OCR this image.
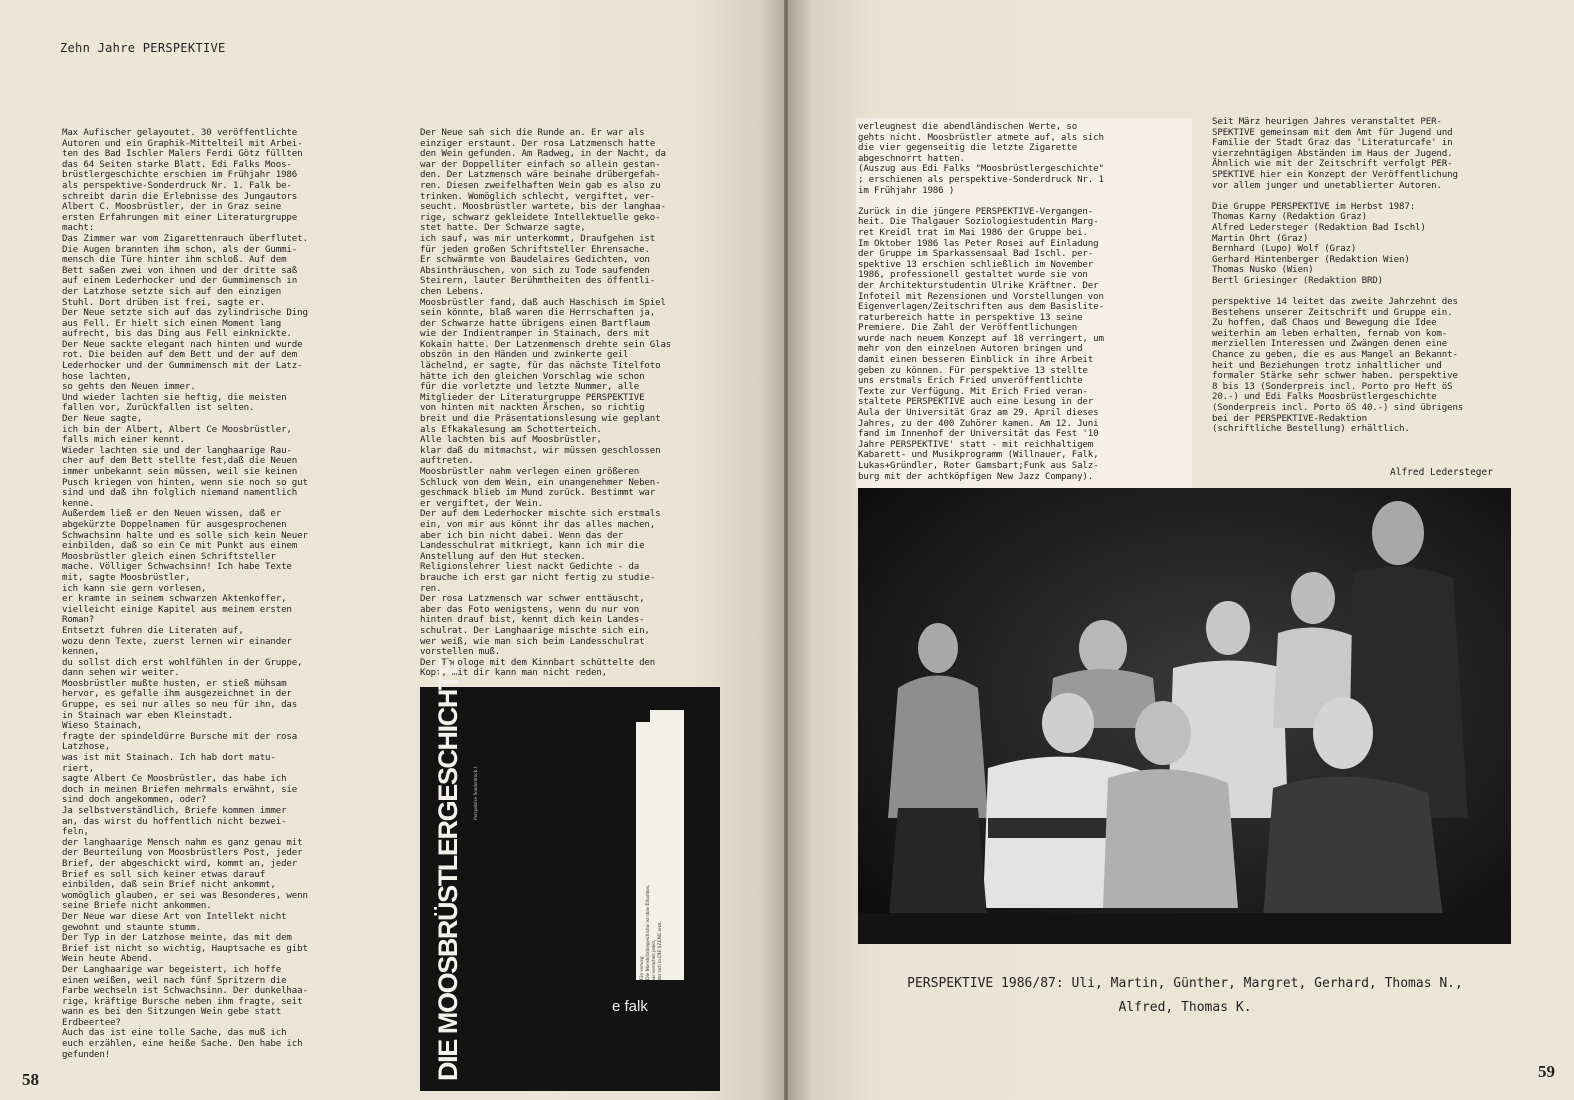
Zehn Jahre PERSPEKTIVE
Max Aufischer gelayoutet. 30 veröffentlichte
Autoren und ein Graphik-Mittelteil mit Arbei-
ten des Bad Ischler Malers Ferdi Götz füllten
das 64 Seiten starke Blatt. Edi Falks Moos-
brüstlergeschichte erschien im Frühjahr 1986
als perspektive-Sonderdruck Nr. 1. Falk be-
schreibt darin die Erlebnisse des Jungautors
Albert C. Moosbrüstler, der in Graz seine
ersten Erfahrungen mit einer Literaturgruppe
macht:
Das Zimmer war vom Zigarettenrauch überflutet.
Die Augen brannten ihm schon, als der Gummi-
mensch die Türe hinter ihm schloß. Auf dem
Bett saßen zwei von ihnen und der dritte saß
auf einem Lederhocker und der Gummimensch in
der Latzhose setzte sich auf den einzigen
Stuhl. Dort drüben ist frei, sagte er.
Der Neue setzte sich auf das zylindrische Ding
aus Fell. Er hielt sich einen Moment lang
aufrecht, bis das Ding aus Fell einknickte.
Der Neue sackte elegant nach hinten und wurde
rot. Die beiden auf dem Bett und der auf dem
Lederhocker und der Gummimensch mit der Latz-
hose lachten,
so gehts den Neuen immer.
Und wieder lachten sie heftig, die meisten
fallen vor, Zurückfallen ist selten.
Der Neue sagte,
ich bin der Albert, Albert Ce Moosbrüstler,
falls mich einer kennt.
Wieder lachten sie und der langhaarige Rau-
cher auf dem Bett stellte fest,daß die Neuen
immer unbekannt sein müssen, weil sie keinen
Pusch kriegen von hinten, wenn sie noch so gut
sind und daß ihn folglich niemand namentlich
kenne.
Außerdem ließ er den Neuen wissen, daß er
abgekürzte Doppelnamen für ausgesprochenen
Schwachsinn halte und es solle sich kein Neuer
einbilden, daß so ein Ce mit Punkt aus einem
Moosbrüstler gleich einen Schriftsteller
mache. Völliger Schwachsinn! Ich habe Texte
mit, sagte Moosbrüstler,
ich kann sie gern vorlesen,
er kramte in seinem schwarzen Aktenkoffer,
vielleicht einige Kapitel aus meinem ersten
Roman?
Entsetzt fuhren die Literaten auf,
wozu denn Texte, zuerst lernen wir einander
kennen,
du sollst dich erst wohlfühlen in der Gruppe,
dann sehen wir weiter.
Moosbrüstler mußte husten, er stieß mühsam
hervor, es gefalle ihm ausgezeichnet in der
Gruppe, es sei nur alles so neu für ihn, das
in Stainach war eben Kleinstadt.
Wieso Stainach,
fragte der spindeldürre Bursche mit der rosa
Latzhose,
was ist mit Stainach. Ich hab dort matu-
riert,
sagte Albert Ce Moosbrüstler, das habe ich
doch in meinen Briefen mehrmals erwähnt, sie
sind doch angekommen, oder?
Ja selbstverständlich, Briefe kommen immer
an, das wirst du hoffentlich nicht bezwei-
feln,
der langhaarige Mensch nahm es ganz genau mit
der Beurteilung von Moosbrüstlers Post, jeder
Brief, der abgeschickt wird, kommt an, jeder
Brief es soll sich keiner etwas darauf
einbilden, daß sein Brief nicht ankommt,
womöglich glauben, er sei was Besonderes, wenn
seine Briefe nicht ankommen.
Der Neue war diese Art von Intellekt nicht
gewohnt und staunte stumm.
Der Typ in der Latzhose meinte, das mit dem
Brief ist nicht so wichtig, Hauptsache es gibt
Wein heute Abend.
Der Langhaarige war begeistert, ich hoffe
einen weißen, weil nach fünf Spritzern die
Farbe wechseln ist Schwachsinn. Der dunkelhaa-
rige, kräftige Bursche neben ihm fragte, seit
wann es bei den Sitzungen Wein gebe statt
Erdbeertee?
Auch das ist eine tolle Sache, das muß ich
euch erzählen, eine heiße Sache. Den habe ich
gefunden!
Der Neue sah sich die Runde an. Er war als
einziger erstaunt. Der rosa Latzmensch hatte
den Wein gefunden. Am Radweg, in der Nacht, da
war der Doppelliter einfach so allein gestan-
den. Der Latzmensch wäre beinahe drübergefah-
ren. Diesen zweifelhaften Wein gab es also zu
trinken. Womöglich schlecht, vergiftet, ver-
seucht. Moosbrüstler wartete, bis der langhaa-
rige, schwarz gekleidete Intellektuelle geko-
stet hatte. Der Schwarze sagte,
ich sauf, was mir unterkommt, Draufgehen ist
für jeden großen Schriftsteller Ehrensache.
Er schwärmte von Baudelaires Gedichten, von
Absinthräuschen, von sich zu Tode saufenden
Steirern, lauter Berühmtheiten des öffentli-
chen Lebens.
Moosbrüstler fand, daß auch Haschisch im Spiel
sein könnte, blaß waren die Herrschaften ja,
der Schwarze hatte übrigens einen Bartflaum
wie der Indientramper in Stainach, ders mit
Kokain hatte. Der Latzenmensch drehte sein Glas
obszön in den Händen und zwinkerte geil
lächelnd, er sagte, für das nächste Titelfoto
hätte ich den gleichen Vorschlag wie schon
für die vorletzte und letzte Nummer, alle
Mitglieder der Literaturgruppe PERSPEKTIVE
von hinten mit nackten Ärschen, so richtig
breit und die Präsentationslesung wie geplant
als Efkakalesung am Schotterteich.
Alle lachten bis auf Moosbrüstler,
klar daß du mitmachst, wir müssen geschlossen
auftreten.
Moosbrüstler nahm verlegen einen größeren
Schluck von dem Wein, ein unangenehmer Neben-
geschmack blieb im Mund zurück. Bestimmt war
er vergiftet, der Wein.
Der auf dem Lederhocker mischte sich erstmals
ein, von mir aus könnt ihr das alles machen,
aber ich bin nicht dabei. Wenn das der
Landesschulrat mitkriegt, kann ich mir die
Anstellung auf den Hut stecken.
Religionslehrer liest nackt Gedichte - da
brauche ich erst gar nicht fertig zu studie-
ren.
Der rosa Latzmensch war schwer enttäuscht,
aber das Foto wenigstens, wenn du nur von
hinten drauf bist, kennt dich kein Landes-
schulrat. Der Langhaarige mischte sich ein,
wer weiß, wie man sich beim Landesschulrat
vorstellen muß.
Der Theologe mit dem Kinnbart schüttelte den
Kopf, mit dir kann man nicht reden,
DIE MOOSBRÜSTLERGESCHICHTE	Perspektive Sonderdruck 1
Ein vorweg:
Die Moosbrüstlergeschichte ist ohne Erbarmen,
sie vernichtet jeden,
der sich in DIE SZENE setzt.
e falk
58
verleugnest die abendländischen Werte, so
gehts nicht. Moosbrüstler atmete auf, als sich
die vier gegenseitig die letzte Zigarette
abgeschnorrt hatten.
(Auszug aus Edi Falks "Moosbrüstlergeschichte"
; erschienen als perspektive-Sonderdruck Nr. 1
im Frühjahr 1986 )

Zurück in die jüngere PERSPEKTIVE-Vergangen-
heit. Die Thalgauer Soziologiestudentin Marg-
ret Kreidl trat im Mai 1986 der Gruppe bei.
Im Oktober 1986 las Peter Rosei auf Einladung
der Gruppe im Sparkassensaal Bad Ischl. per-
spektive 13 erschien schließlich im November
1986, professionell gestaltet wurde sie von
der Architekturstudentin Ulrike Kräftner. Der
Infoteil mit Rezensionen und Vorstellungen von
Eigenverlagen/Zeitschriften aus dem Basislite-
raturbereich hatte in perspektive 13 seine
Premiere. Die Zahl der Veröffentlichungen
wurde nach neuem Konzept auf 18 verringert, um
mehr von den einzelnen Autoren bringen und
damit einen besseren Einblick in ihre Arbeit
geben zu können. Für perspektive 13 stellte
uns erstmals Erich Fried unveröffentlichte
Texte zur Verfügung. Mit Erich Fried veran-
staltete PERSPEKTIVE auch eine Lesung in der
Aula der Universität Graz am 29. April dieses
Jahres, zu der 400 Zuhörer kamen. Am 12. Juni
fand im Innenhof der Universität das Fest '10
Jahre PERSPEKTIVE' statt - mit reichhaltigem
Kabarett- und Musikprogramm (Willnauer, Falk,
Lukas+Gründler, Roter Gamsbart;Funk aus Salz-
burg mit der achtköpfigen New Jazz Company).
Seit März heurigen Jahres veranstaltet PER-
SPEKTIVE gemeinsam mit dem Amt für Jugend und
Familie der Stadt Graz das 'Literaturcafe' in
vierzehntägigen Abständen im Haus der Jugend.
Ähnlich wie mit der Zeitschrift verfolgt PER-
SPEKTIVE hier ein Konzept der Veröffentlichung
vor allem junger und unetablierter Autoren.

Die Gruppe PERSPEKTIVE im Herbst 1987:
Thomas Karny (Redaktion Graz)
Alfred Ledersteger (Redaktion Bad Ischl)
Martin Ohrt (Graz)
Bernhard (Lupo) Wolf (Graz)
Gerhard Hintenberger (Redaktion Wien)
Thomas Nusko (Wien)
Bertl Griesinger (Redaktion BRD)

perspektive 14 leitet das zweite Jahrzehnt des
Bestehens unserer Zeitschrift und Gruppe ein.
Zu hoffen, daß Chaos und Bewegung die Idee
weiterhin am leben erhalten, fernab von kom-
merziellen Interessen und Zwängen denen eine
Chance zu geben, die es aus Mangel an Bekannt-
heit und Beziehungen trotz inhaltlicher und
formaler Stärke sehr schwer haben. perspektive
8 bis 13 (Sonderpreis incl. Porto pro Heft öS
20.-) und Edi Falks Moosbrüstlergeschichte
(Sonderpreis incl. Porto öS 40.-) sind übrigens
bei der PERSPEKTIVE-Redaktion
(schriftliche Bestellung) erhältlich.
Alfred Ledersteger
PERSPEKTIVE 1986/87: Uli, Martin, Günther, Margret, Gerhard, Thomas N.,
Alfred, Thomas K.
59
